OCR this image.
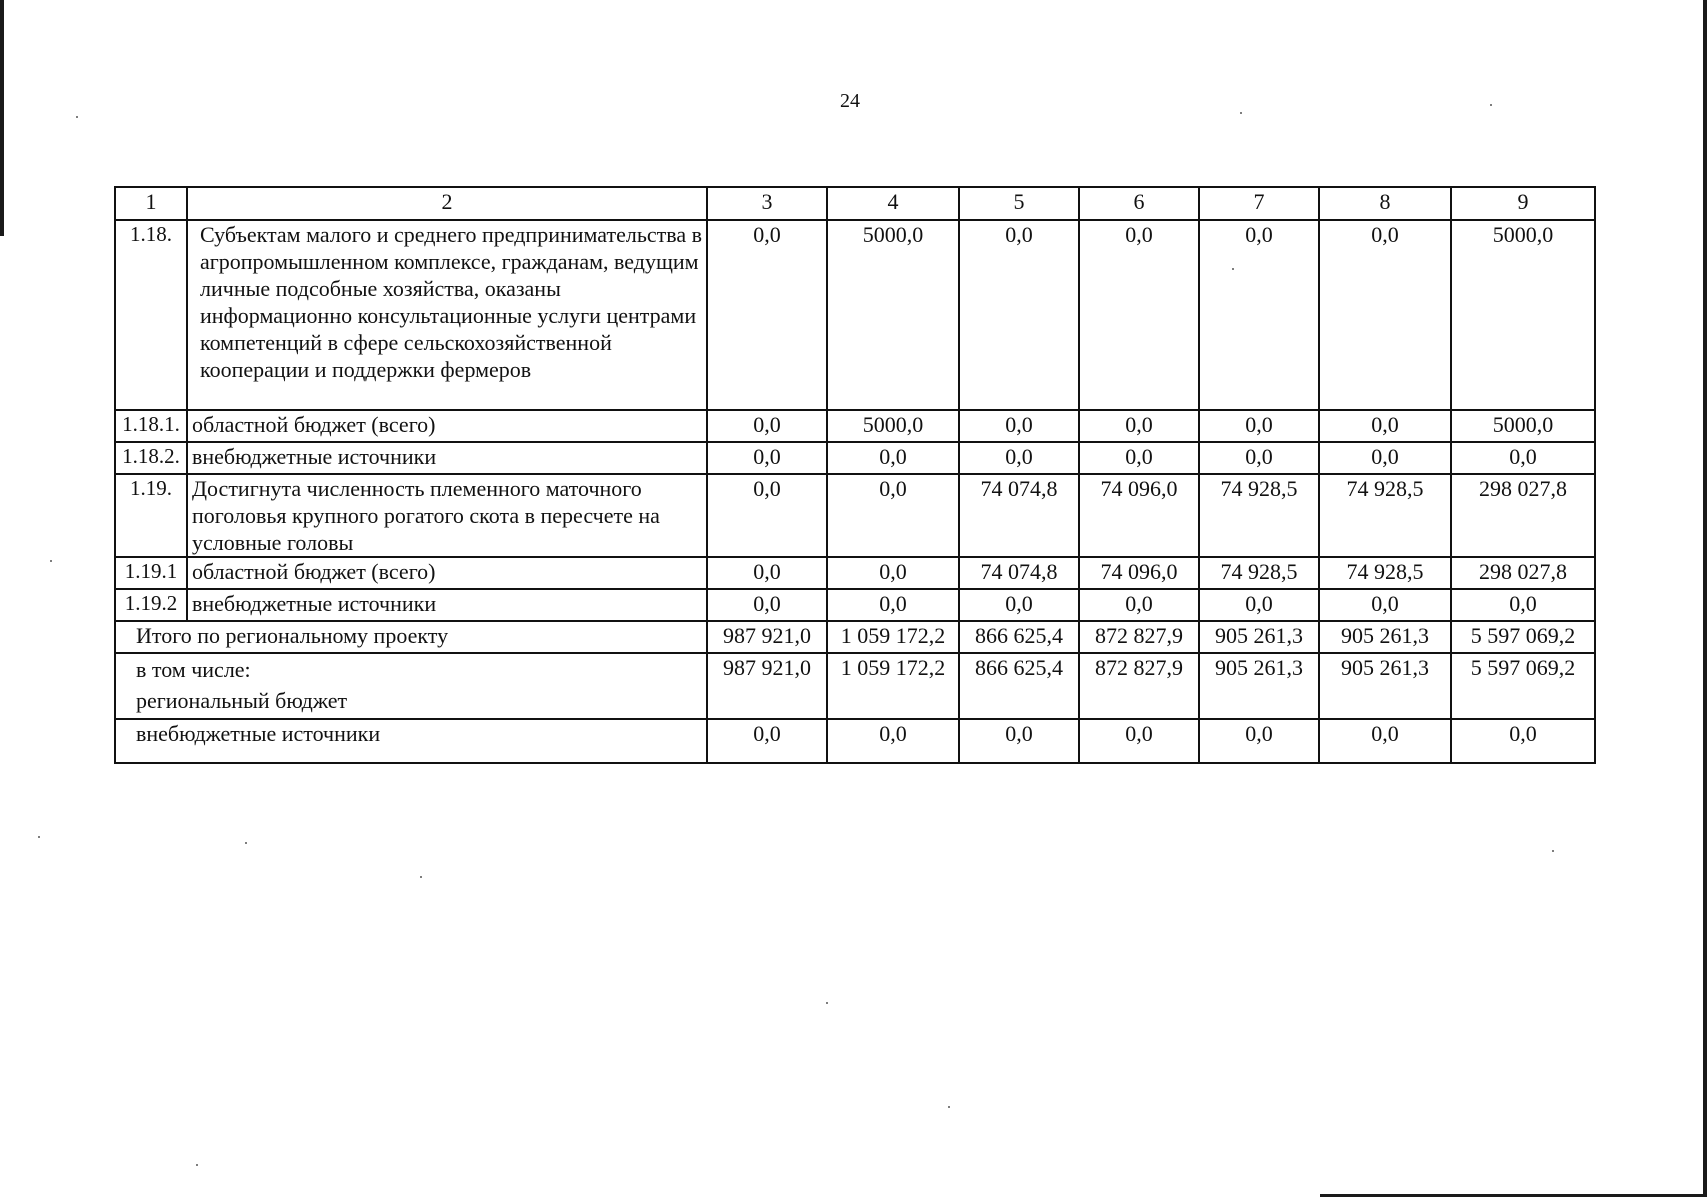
24
1	2	3	4	5	6	7	8	9
1.18.	Субъектам малого и среднего предпринимательства в агропромышленном комплексе, гражданам, ведущим личные подсобные хозяйства, оказаны информационно консультационные услуги центрами компетенций в сфере сельскохозяйственной кооперации и поддержки фермеров	0,0	5000,0	0,0	0,0	0,0	0,0	5000,0
1.18.1.	областной бюджет (всего)	0,0	5000,0	0,0	0,0	0,0	0,0	5000,0
1.18.2.	внебюджетные источники	0,0	0,0	0,0	0,0	0,0	0,0	0,0
1.19.	Достигнута численность племенного маточного поголовья крупного рогатого скота в пересчете на условные головы	0,0	0,0	74 074,8	74 096,0	74 928,5	74 928,5	298 027,8
1.19.1	областной бюджет (всего)	0,0	0,0	74 074,8	74 096,0	74 928,5	74 928,5	298 027,8
1.19.2	внебюджетные источники	0,0	0,0	0,0	0,0	0,0	0,0	0,0
Итого по региональному проекту		987 921,0	1 059 172,2	866 625,4	872 827,9	905 261,3	905 261,3	5 597 069,2

в том числе:
региональный бюджет		987 921,0	1 059 172,2	866 625,4	872 827,9	905 261,3	905 261,3	5 597 069,2
внебюджетные источники		0,0	0,0	0,0	0,0	0,0	0,0	0,0
